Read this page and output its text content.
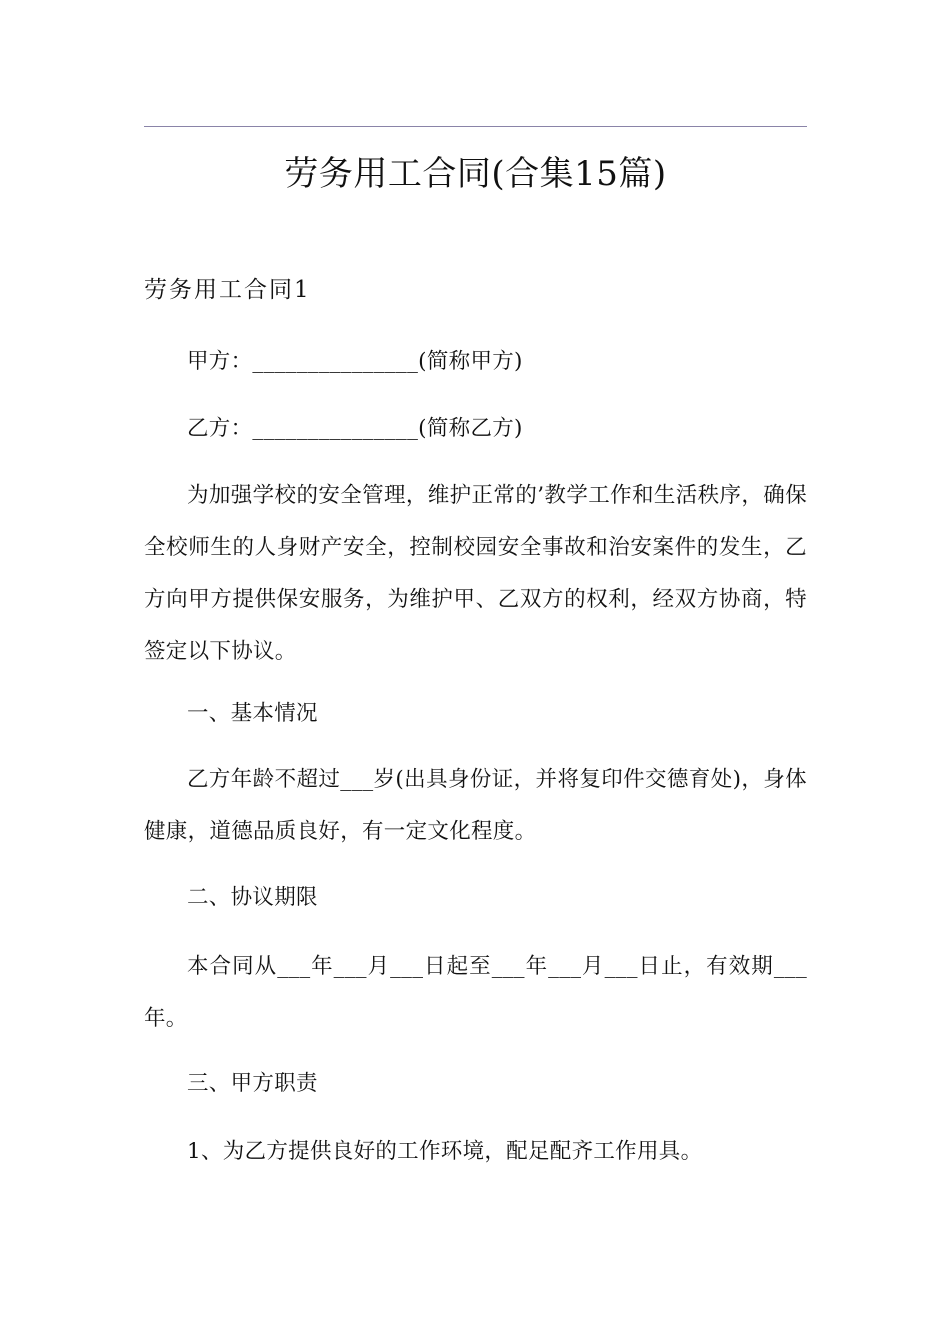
劳务用工合同(合集15篇)
劳务用工合同1

甲方：_______________(简称甲方)

乙方：_______________(简称乙方)

为加强学校的安全管理，维护正常的’教学工作和生活秩序，确保全校师生的人身财产安全，控制校园安全事故和治安案件的发生，乙方向甲方提供保安服务，为维护甲、乙双方的权利，经双方协商，特签定以下协议。

一、基本情况

乙方年龄不超过___岁(出具身份证，并将复印件交德育处)，身体健康，道德品质良好，有一定文化程度。

二、协议期限

本合同从___年___月___日起至___年___月___日止，有效期___年。

三、甲方职责

1、为乙方提供良好的工作环境，配足配齐工作用具。
